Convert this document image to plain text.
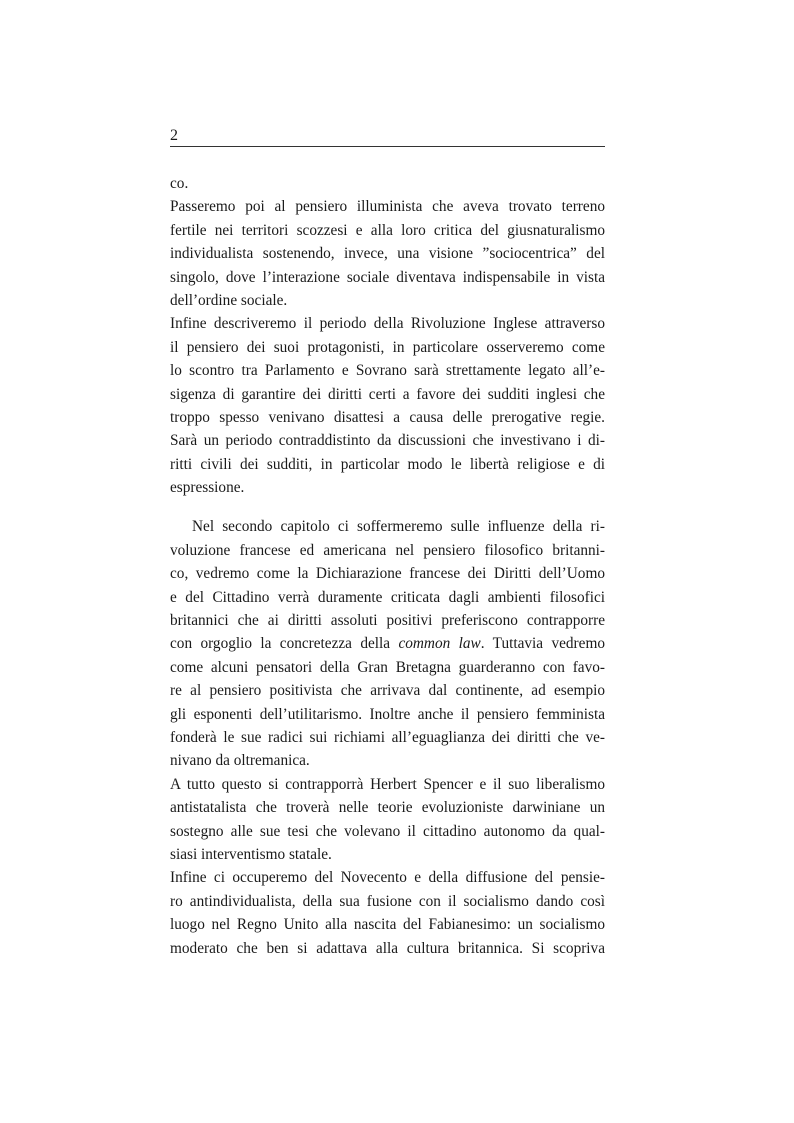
2
co.
Passeremo poi al pensiero illuminista che aveva trovato terreno
fertile nei territori scozzesi e alla loro critica del giusnaturalismo
individualista sostenendo, invece, una visione ”sociocentrica” del
singolo, dove l’interazione sociale diventava indispensabile in vista
dell’ordine sociale.
Infine descriveremo il periodo della Rivoluzione Inglese attraverso
il pensiero dei suoi protagonisti, in particolare osserveremo come
lo scontro tra Parlamento e Sovrano sarà strettamente legato all’e-
sigenza di garantire dei diritti certi a favore dei sudditi inglesi che
troppo spesso venivano disattesi a causa delle prerogative regie.
Sarà un periodo contraddistinto da discussioni che investivano i di-
ritti civili dei sudditi, in particolar modo le libertà religiose e di
espressione.
Nel secondo capitolo ci soffermeremo sulle influenze della ri-
voluzione francese ed americana nel pensiero filosofico britanni-
co, vedremo come la Dichiarazione francese dei Diritti dell’Uomo
e del Cittadino verrà duramente criticata dagli ambienti filosofici
britannici che ai diritti assoluti positivi preferiscono contrapporre
con orgoglio la concretezza della common law. Tuttavia vedremo
come alcuni pensatori della Gran Bretagna guarderanno con favo-
re al pensiero positivista che arrivava dal continente, ad esempio
gli esponenti dell’utilitarismo. Inoltre anche il pensiero femminista
fonderà le sue radici sui richiami all’eguaglianza dei diritti che ve-
nivano da oltremanica.
A tutto questo si contrapporrà Herbert Spencer e il suo liberalismo
antistatalista che troverà nelle teorie evoluzioniste darwiniane un
sostegno alle sue tesi che volevano il cittadino autonomo da qual-
siasi interventismo statale.
Infine ci occuperemo del Novecento e della diffusione del pensie-
ro antindividualista, della sua fusione con il socialismo dando così
luogo nel Regno Unito alla nascita del Fabianesimo: un socialismo
moderato che ben si adattava alla cultura britannica. Si scopriva
